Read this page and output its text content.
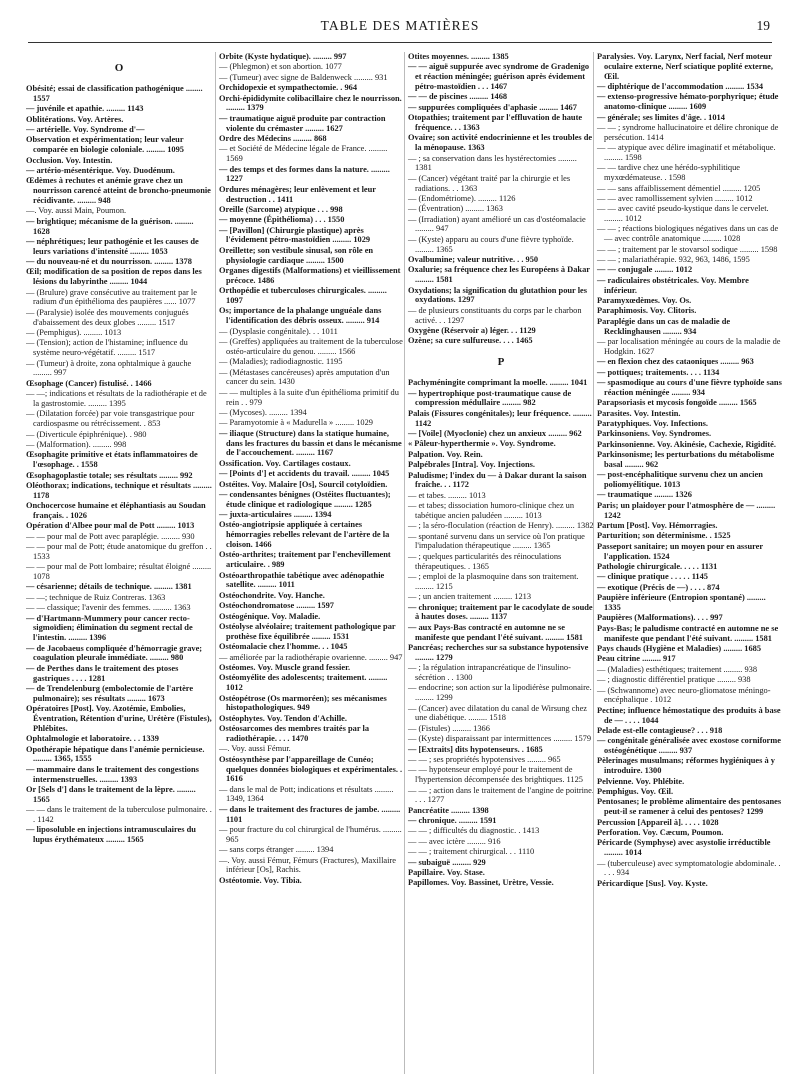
TABLE DES MATIÈRES	19
O
Obésité; essai de classification pathogénique ........ 1557
— juvénile et apathie. ......... 1143
Oblitérations. Voy. Artères.
— artérielle. Voy. Syndrome d'—
Observation et expérimentation; leur valeur comparée en biologie coloniale. ......... 1095
Occlusion. Voy. Intestin.
— artério-mésentérique. Voy. Duodénum.
Œdèmes à rechutes et anémie grave chez un nourrisson carencé atteint de broncho-pneumonie récidivante. ......... 948
—. Voy. aussi Main, Poumon.
— brightique; mécanisme de la guérison. ......... 1628
— néphrétiques; leur pathogénie et les causes de leurs variations d'intensité ......... 1053
— du nouveau-né et du nourrisson. ......... 1378
Œil; modification de sa position de repos dans les lésions du labyrinthe ......... 1044
— (Brulure) grave consécutive au traitement par le radium d'un épithélioma des paupières ...... 1077
— (Paralysie) isolée des mouvements conjugués d'abaissement des deux globes ......... 1517
— (Pemphigus). ......... 1013
— (Tension); action de l'histamine; influence du système neuro-végétatif. ......... 1517
— (Tumeur) à droite, zona ophtalmique à gauche ......... 997
Œsophage (Cancer) fistulisé. . 1466
— —; indications et résultats de la radiothérapie et de la gastrostomie. ......... 1395
— (Dilatation forcée) par voie transgastrique pour cardiospasme ou rétrécissement. . 853
— (Diverticule épiphrénique). . 980
— (Malformation). ......... 998
Œsophagite primitive et états inflammatoires de l'œsophage. . 1558
Œsophagoplastie totale; ses résultats ......... 992
Oléothorax; indications, technique et résultats ......... 1178
Onchocercose humaine et éléphantiasis au Soudan français. . 1026
Opération d'Albee pour mal de Pott ......... 1013
— — pour mal de Pott avec paraplégie. ......... 930
— — pour mal de Pott; étude anatomique du greffon . . 1533
— — pour mal de Pott lombaire; résultat éloigné ......... 1078
— césarienne; détails de technique. ......... 1381
— —; technique de Ruiz Contreras. 1363
— — classique; l'avenir des femmes. ......... 1363
— d'Hartmann-Mummery pour cancer recto-sigmoïdien; élimination du segment rectal de l'intestin. ......... 1396
— de Jacobaeus compliquée d'hémorragie grave; coagulation pleurale immédiate. ......... 980
— de Perthes dans le traitement des ptoses gastriques . . . . 1281
— de Trendelenburg (embolectomie de l'artère pulmonaire); ses résultats ......... 1673
Opératoires [Post]. Voy. Azotémie, Embolies, Éventration, Rétention d'urine, Urétère (Fistules), Phlébites.
Ophtalmologie et laboratoire. . . 1339
Opothérapie hépatique dans l'anémie pernicieuse. ......... 1365, 1555
— mammaire dans le traitement des congestions intermenstruelles. ......... 1393
Or [Sels d'] dans le traitement de la lèpre. ......... 1565
— — dans le traitement de la tuberculose pulmonaire. . . 1142
— liposoluble en injections intramusculaires du lupus érythémateux ......... 1565
Orbite (Kyste hydatique). ......... 997
— (Phlegmon) et son abortion. 1077
— (Tumeur) avec signe de Baldenweck ......... 931
Orchidopexie et sympathectomie. . 964
Orchi-épididymite colibacillaire chez le nourrisson. ......... 1379
— traumatique aiguë produite par contraction violente du crémaster ......... 1627
Ordre des Médecins ......... 868
— et Société de Médecine légale de France. ......... 1569
— des temps et des formes dans la nature. ......... 1227
Ordures ménagères; leur enlèvement et leur destruction . . 1411
Oreille (Sarcome) atypique . . . 998
— moyenne (Épithélioma) . . . 1550
— [Pavillon] (Chirurgie plastique) après l'évidement pétro-mastoïdien ......... 1029
Oreillette; son vestibule sinusal, son rôle en physiologie cardiaque ......... 1500
Organes digestifs (Malformations) et vieillissement précoce. 1486
Orthopédie et tuberculoses chirurgicales. ......... 1097
Os; importance de la phalange unguéale dans l'identification des débris osseux. ......... 914
— (Dysplasie congénitale). . . 1011
— (Greffes) appliquées au traitement de la tuberculose ostéo-articulaire du genou. ......... 1566
— (Maladies); radiodiagnostic. 1195
— (Métastases cancéreuses) après amputation d'un cancer du sein. 1430
— — multiples à la suite d'un épithélioma primitif du rein . . 979
— (Mycoses). ......... 1394
— Paramyotomie à « Madurella » ......... 1029
— iliaque (Structure) dans la statique humaine, dans les fractures du bassin et dans le mécanisme de l'accouchement. ......... 1167
Ossification. Voy. Cartilages costaux.
— [Points d'] et accidents du travail. ......... 1045
Ostéites. Voy. Malaire [Os], Sourcil cotyloïdien.
— condensantes bénignes (Ostéites fluctuantes); étude clinique et radiologique ......... 1285
— juxta-articulaires ......... 1394
Ostéo-angiotripsie appliquée à certaines hémorragies rebelles relevant de l'artère de la cloison. 1466
Ostéo-arthrites; traitement par l'enchevillement articulaire. . 989
Ostéoarthropathie tabétique avec adénopathie satellite. ......... 1011
Ostéochondrite. Voy. Hanche.
Ostéochondromatose ......... 1597
Ostéogénique. Voy. Maladie.
Ostéolyse alvéolaire; traitement pathologique par prothèse fixe équilibrée ......... 1531
Ostéomalacie chez l'homme. . . 1045
— améliorée par la radiothérapie ovarienne. ......... 947
Ostéomes. Voy. Muscle grand fessier.
Ostéomyélite des adolescents; traitement. ......... 1012
Ostéopétrose (Os marmoréen); ses mécanismes histopathologiques. 949
Ostéophytes. Voy. Tendon d'Achille.
Ostéosarcomes des membres traités par la radiothérapie. . . . 1470
—. Voy. aussi Fémur.
Ostéosynthèse par l'appareillage de Cunéo; quelques données biologiques et expérimentales. . 1616
— dans le mal de Pott; indications et résultats ......... 1349, 1364
— dans le traitement des fractures de jambe. ......... 1101
— pour fracture du col chirurgical de l'humérus. ......... 965
— sans corps étranger ......... 1394
—. Voy. aussi Fémur, Fémurs (Fractures), Maxillaire inférieur [Os], Rachis.
Ostéotomie. Voy. Tibia.
Otites moyennes. ......... 1385
— — aiguë suppurée avec syndrome de Gradenigo et réaction méningée; guérison après évidement pétro-mastoïdien . . . 1467
— — de piscines ......... 1468
— suppurées compliquées d'aphasie ......... 1467
Otopathies; traitement par l'effluvation de haute fréquence. . . 1363
Ovaire; son activité endocrinienne et les troubles de la ménopause. 1363
— ; sa conservation dans les hystérectomies ......... 1381
— (Cancer) végétant traité par la chirurgie et les radiations. . . 1363
— (Endométriome). ......... 1126
— (Éventration) ......... 1363
— (Irradiation) ayant amélioré un cas d'ostéomalacie ......... 947
— (Kyste) apparu au cours d'une fièvre typhoïde. ......... 1365
Ovalbumine; valeur nutritive. . . 950
Oxalurie; sa fréquence chez les Européens à Dakar ......... 1581
Oxydations; la signification du glutathion pour les oxydations. 1297
— de plusieurs constituants du corps par le charbon activé. . . 1297
Oxygène (Réservoir a) léger. . . 1129
Ozène; sa cure sulfureuse. . . . 1465
P
Pachyméningite comprimant la moelle. ......... 1041
— hypertrophique post-traumatique cause de compression médullaire ......... 982
Palais (Fissures congénitales); leur fréquence. ......... 1142
— [Voile] (Myoclonie) chez un anxieux ......... 962
« Pâleur-hyperthermie ». Voy. Syndrome.
Palpation. Voy. Rein.
Palpébrales [Intra]. Voy. Injections.
Paludisme; l'index du — à Dakar durant la saison fraîche. . . 1172
— et tabes. ......... 1013
— et tabes; dissociation humoro-clinique chez un tabétique ancien paludéen ......... 1013
— ; la séro-floculation (réaction de Henry). ......... 1382
— spontané survenu dans un service où l'on pratique l'impaludation thérapeutique ......... 1365
— ; quelques particularités des réinoculations thérapeutiques. . 1365
— ; emploi de la plasmoquine dans son traitement. ......... 1215
— ; un ancien traitement ......... 1213
— chronique; traitement par le cacodylate de soude à hautes doses. ......... 1137
— aux Pays-Bas contracté en automne ne se manifeste que pendant l'été suivant. ......... 1581
Pancréas; recherches sur sa substance hypotensive ......... 1279
— ; la régulation intrapancréatique de l'insulino-sécrétion . . 1300
— endocrine; son action sur la lipodiérèse pulmonaire. ......... 1299
— (Cancer) avec dilatation du canal de Wirsung chez une diabétique. ......... 1518
— (Fistules) ......... 1366
— (Kyste) disparaissant par intermittences ......... 1579
— [Extraits] dits hypotenseurs. . 1685
— — ; ses propriétés hypotensives ......... 965
— — hypotenseur employé pour le traitement de l'hypertension décompensée des brightiques. 1125
— — ; action dans le traitement de l'angine de poitrine. . . . 1277
Pancréatite ......... 1398
— chronique. ......... 1591
— — ; difficultés du diagnostic. . 1413
— — avec ictère ......... 916
— — ; traitement chirurgical. . . 1110
— subaiguë ......... 929
Papillaire. Voy. Stase.
Papillomes. Voy. Bassinet, Urètre, Vessie.
Paralysies. Voy. Larynx, Nerf facial, Nerf moteur oculaire externe, Nerf sciatique poplité externe, Œil.
— diphtérique de l'accommodation ......... 1534
— extenso-progressive hémato-porphyrique; étude anatomo-clinique ......... 1609
— générale; ses limites d'âge. . 1014
— — ; syndrome hallucinatoire et délire chronique de persécution. 1414
— — atypique avec délire imaginatif et métabolique. ......... 1598
— — tardive chez une hérédo-syphilitique myxœdémateuse. . 1598
— — sans affaiblissement démentiel ......... 1205
— — avec ramollissement sylvien ......... 1012
— — avec cavité pseudo-kystique dans le cervelet. ......... 1012
— — ; réactions biologiques négatives dans un cas de — avec contrôle anatomique ......... 1028
— — ; traitement par le stovarsol sodique ......... 1598
— — ; malariathérapie. 932, 963, 1486, 1595
— — conjugale ......... 1012
— radiculaires obstétricales. Voy. Membre inférieur.
Paramyxœdèmes. Voy. Os.
Paraphimosis. Voy. Clitoris.
Paraplégie dans un cas de maladie de Recklinghausen ......... 934
— par localisation méningée au cours de la maladie de Hodgkin. 1627
— en flexion chez des cataoniques ......... 963
— pottiques; traitements. . . . 1134
— spasmodique au cours d'une fièvre typhoïde sans réaction méningée ......... 934
Parapsoriasis et mycosis fongoïde ......... 1565
Parasites. Voy. Intestin.
Paratyphiques. Voy. Infections.
Parkinsoniens. Voy. Syndromes.
Parkinsonienne. Voy. Akinésie, Cachexie, Rigidité.
Parkinsonisme; les perturbations du métabolisme basal ......... 962
— post-encéphalitique survenu chez un ancien poliomyélitique. 1013
— traumatique ......... 1326
Paris; un plaidoyer pour l'atmosphère de — ......... 1242
Partum [Post]. Voy. Hémorragies.
Parturition; son déterminisme. . 1525
Passeport sanitaire; un moyen pour en assurer l'application. 1524
Pathologie chirurgicale. . . . . 1131
— clinique pratique . . . . . 1145
— exotique (Précis de —) . . . . 874
Paupière inférieure (Entropion spontané) ......... 1335
Paupières (Malformations). . . . 997
Pays-Bas; le paludisme contracté en automne ne se manifeste que pendant l'été suivant. ......... 1581
Pays chauds (Hygiène et Maladies) ......... 1685
Peau citrine ......... 917
— (Maladies) esthétiques; traitement ......... 938
— ; diagnostic différentiel pratique ......... 938
— (Schwannome) avec neuro-gliomatose méningo-encéphalique . 1012
Pectine; influence hémostatique des produits à base de — . . . . 1044
Pelade est-elle contagieuse? . . . 918
— congénitale généralisée avec exostose corniforme ostéogénétique ......... 937
Pèlerinages musulmans; réformes hygiéniques à y introduire. 1300
Pelvienne. Voy. Phlébite.
Pemphigus. Voy. Œil.
Pentosanes; le problème alimentaire des pentosanes peut-il se ramener à celui des pentoses? 1299
Percussion [Appareil à]. . . . . 1028
Perforation. Voy. Cæcum, Poumon.
Péricarde (Symphyse) avec asystolie irréductible ......... 1014
— (tuberculeuse) avec symptomatologie abdominale. . . . . 934
Péricardique [Sus]. Voy. Kyste.
